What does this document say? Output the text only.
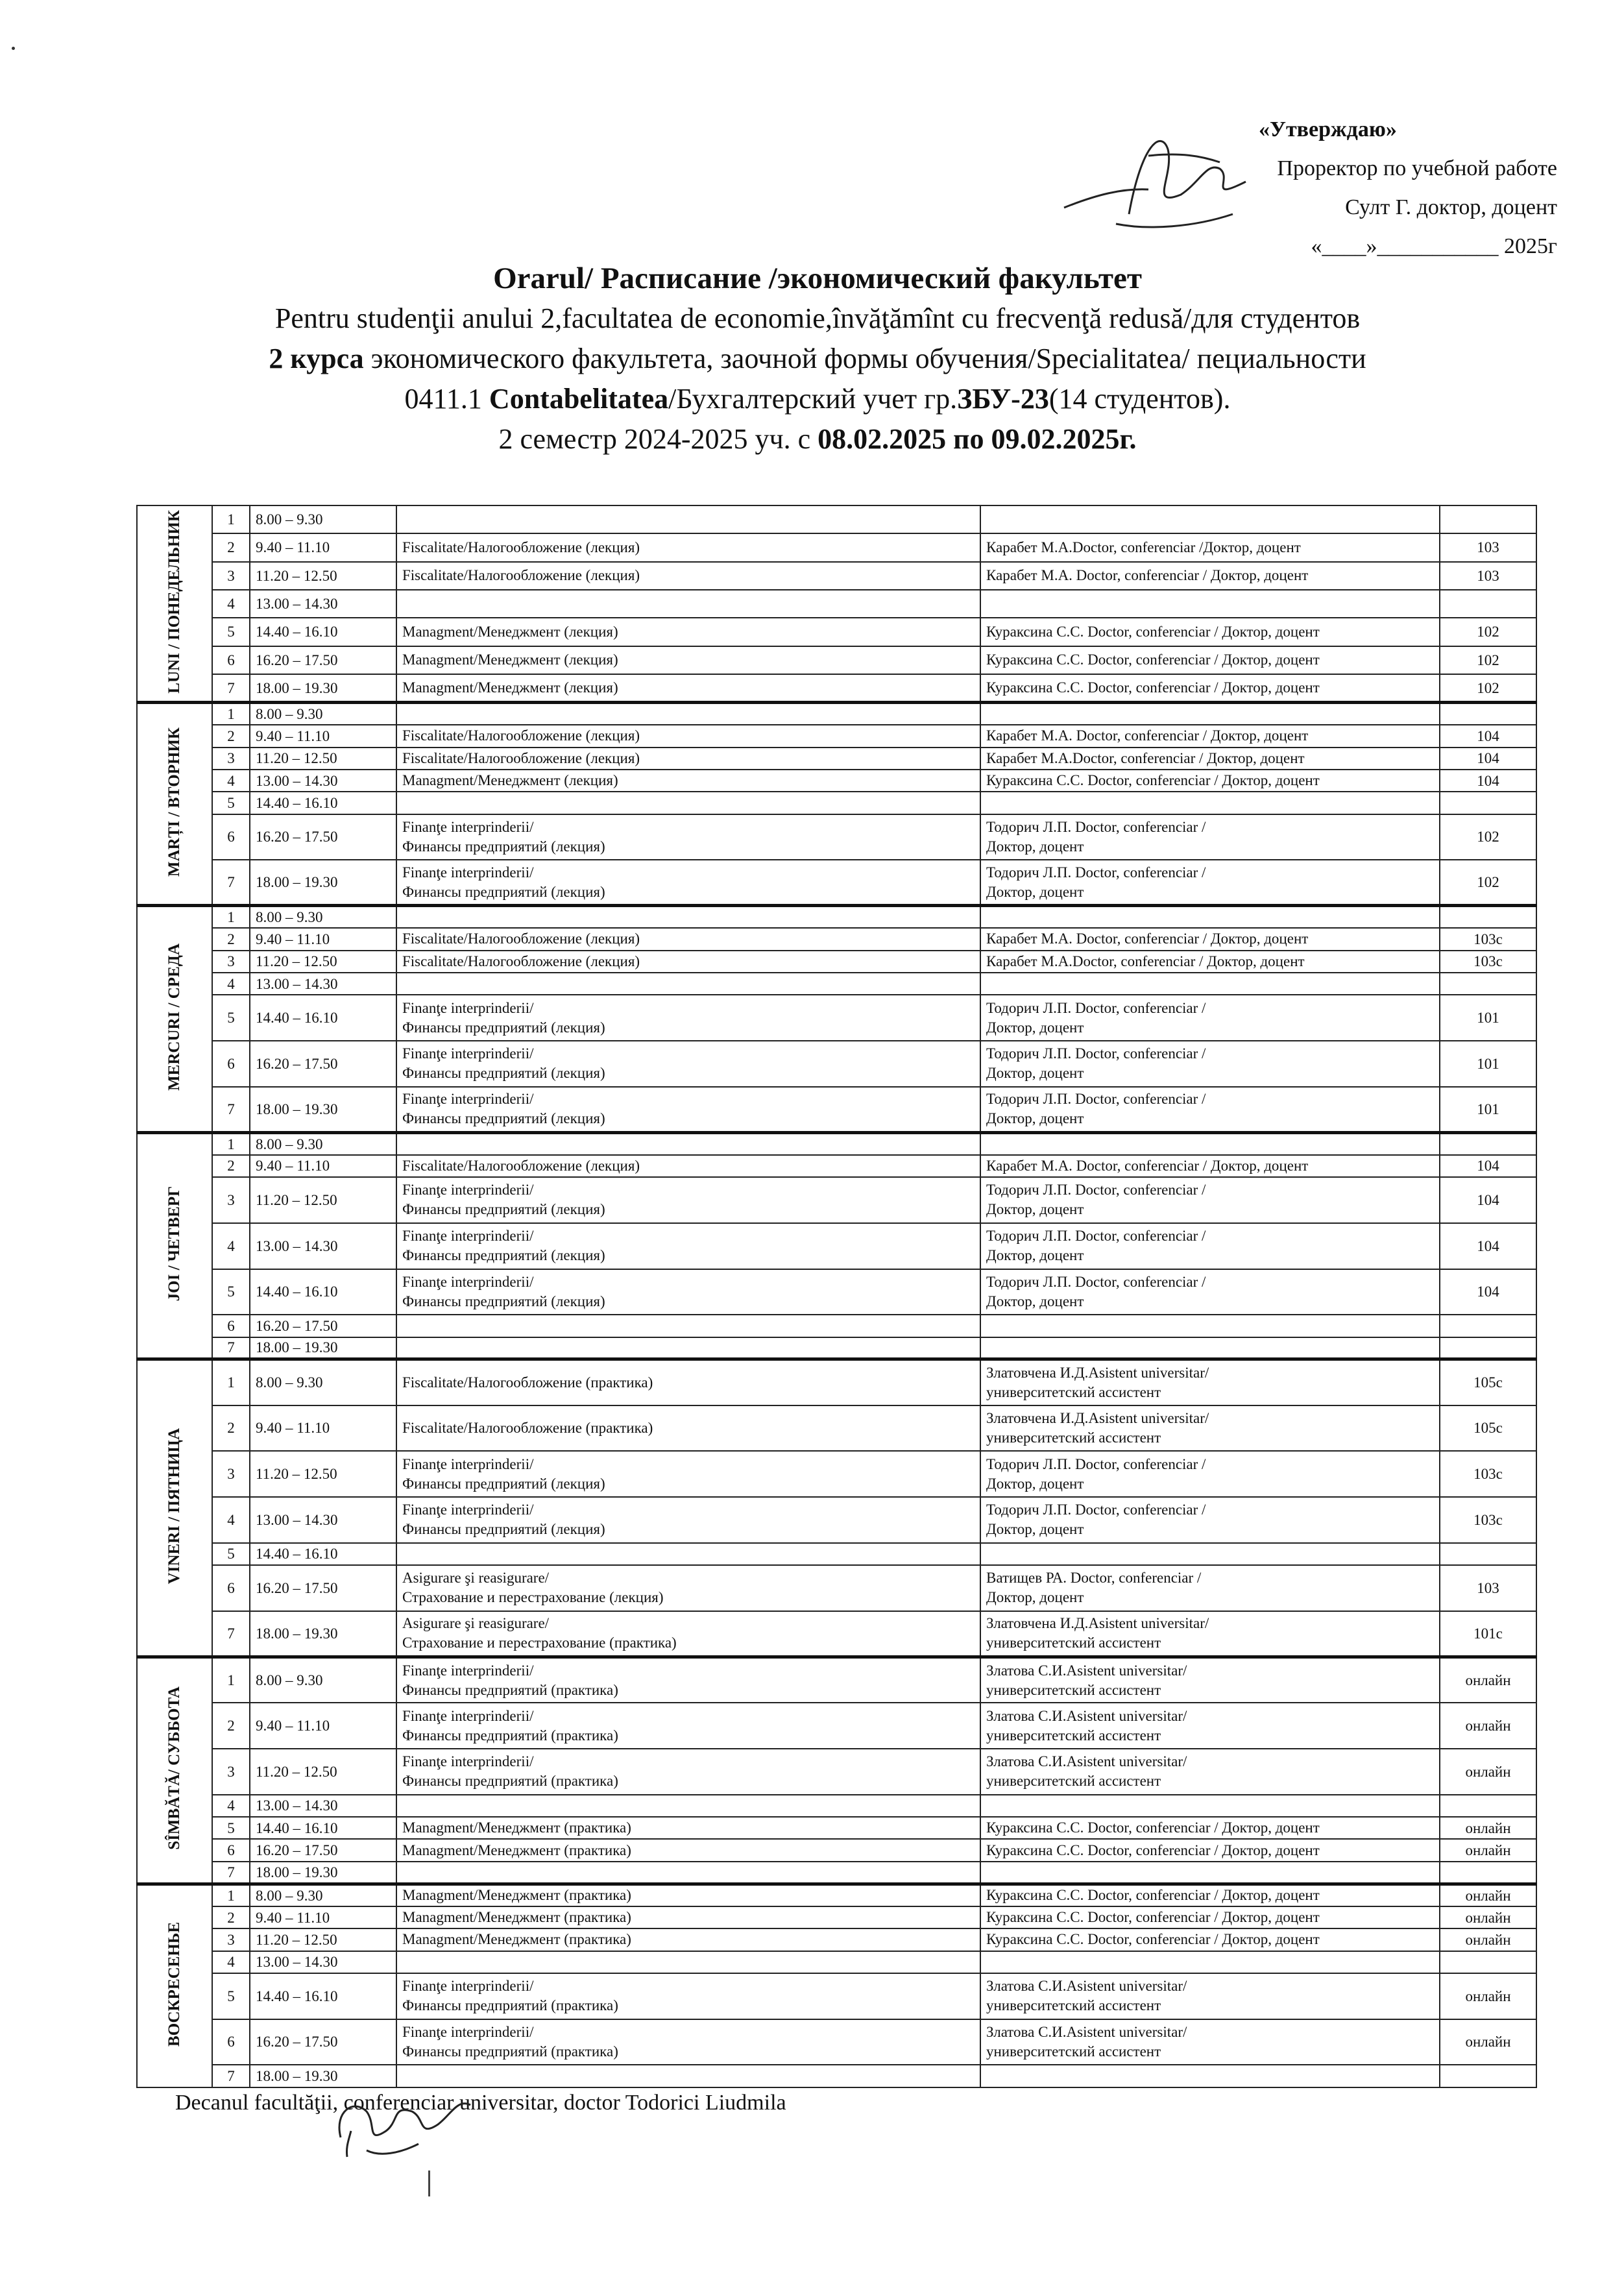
«Утверждаю»
Проректор по учебной работе
Султ Г. доктор, доцент
«____»___________ 2025г
Orarul/ Расписание /экономический факультет
Pentru studenţii anului 2,facultatea de economie,învăţămînt cu frecvenţă redusă/для студентов
2 курса экономического факультета, заочной формы обучения/Specialitatea/ пециальности
0411.1 Contabelitatea/Бухгалтерский учет гр.ЗБУ-23(14 студентов).
2 семестр 2024-2025 уч. с 08.02.2025 по 09.02.2025г.
LUNI / ПОНЕДЕЛЬНИК	1	8.00 – 9.30	

	2	9.40 – 11.10	Fiscalitate/Налогообложение (лекция)	Карабет М.А.Doctor, conferenciar /Доктор, доцент	103
	3	11.20 – 12.50	Fiscalitate/Налогообложение (лекция)	Карабет М.А. Doctor, conferenciar / Доктор, доцент	103
	4	13.00 – 14.30	

	5	14.40 – 16.10	Managment/Менеджмент (лекция)	Кураксина С.С. Doctor, conferenciar / Доктор, доцент	102
	6	16.20 – 17.50	Managment/Менеджмент (лекция)	Кураксина С.С. Doctor, conferenciar / Доктор, доцент	102
	7	18.00 – 19.30	Managment/Менеджмент (лекция)	Кураксина С.С. Doctor, conferenciar / Доктор, доцент	102
MARȚI / ВТОРНИК	1	8.00 – 9.30	

	2	9.40 – 11.10	Fiscalitate/Налогообложение (лекция)	Карабет М.А. Doctor, conferenciar / Доктор, доцент	104
	3	11.20 – 12.50	Fiscalitate/Налогообложение (лекция)	Карабет М.А.Doctor, conferenciar / Доктор, доцент	104
	4	13.00 – 14.30	Managment/Менеджмент (лекция)	Кураксина С.С. Doctor, conferenciar / Доктор, доцент	104
	5	14.40 – 16.10	

	6	16.20 – 17.50	Finanţe interprinderii/
Финансы предприятий (лекция)	Тодорич Л.П. Doctor, conferenciar /
Доктор, доцент	102
	7	18.00 – 19.30	Finanţe interprinderii/
Финансы предприятий (лекция)	Тодорич Л.П. Doctor, conferenciar /
Доктор, доцент	102
MERCURI / СРЕДА	1	8.00 – 9.30	

	2	9.40 – 11.10	Fiscalitate/Налогообложение (лекция)	Карабет М.А. Doctor, conferenciar / Доктор, доцент	103c
	3	11.20 – 12.50	Fiscalitate/Налогообложение (лекция)	Карабет М.А.Doctor, conferenciar / Доктор, доцент	103c
	4	13.00 – 14.30	

	5	14.40 – 16.10	Finanţe interprinderii/
Финансы предприятий (лекция)	Тодорич Л.П. Doctor, conferenciar /
Доктор, доцент	101
	6	16.20 – 17.50	Finanţe interprinderii/
Финансы предприятий (лекция)	Тодорич Л.П. Doctor, conferenciar /
Доктор, доцент	101
	7	18.00 – 19.30	Finanţe interprinderii/
Финансы предприятий (лекция)	Тодорич Л.П. Doctor, conferenciar /
Доктор, доцент	101
JOI / ЧЕТВЕРГ	1	8.00 – 9.30	

	2	9.40 – 11.10	Fiscalitate/Налогообложение (лекция)	Карабет М.А. Doctor, conferenciar / Доктор, доцент	104
	3	11.20 – 12.50	Finanţe interprinderii/
Финансы предприятий (лекция)	Тодорич Л.П. Doctor, conferenciar /
Доктор, доцент	104
	4	13.00 – 14.30	Finanţe interprinderii/
Финансы предприятий (лекция)	Тодорич Л.П. Doctor, conferenciar /
Доктор, доцент	104
	5	14.40 – 16.10	Finanţe interprinderii/
Финансы предприятий (лекция)	Тодорич Л.П. Doctor, conferenciar /
Доктор, доцент	104
	6	16.20 – 17.50	

	7	18.00 – 19.30	

VINERI / ПЯТНИЦА	1	8.00 – 9.30	Fiscalitate/Налогообложение (практика)	Златовчена И.Д.Asistent universitar/
университетский ассистент	105c
	2	9.40 – 11.10	Fiscalitate/Налогообложение (практика)	Златовчена И.Д.Asistent universitar/
университетский ассистент	105c
	3	11.20 – 12.50	Finanţe interprinderii/
Финансы предприятий (лекция)	Тодорич Л.П. Doctor, conferenciar /
Доктор, доцент	103c
	4	13.00 – 14.30	Finanţe interprinderii/
Финансы предприятий (лекция)	Тодорич Л.П. Doctor, conferenciar /
Доктор, доцент	103c
	5	14.40 – 16.10	

	6	16.20 – 17.50	Asigurare şi reasigurare/
Страхование и перестрахование (лекция)	Ватищев РА. Doctor, conferenciar /
Доктор, доцент	103
	7	18.00 – 19.30	Asigurare şi reasigurare/
Страхование и перестрахование (практика)	Златовчена И.Д.Asistent universitar/
университетский ассистент	101c
SÎMBĂTĂ/ СУББОТА	1	8.00 – 9.30	Finanţe interprinderii/
Финансы предприятий (практика)	Златова С.И.Asistent universitar/
университетский ассистент	онлайн
	2	9.40 – 11.10	Finanţe interprinderii/
Финансы предприятий (практика)	Златова С.И.Asistent universitar/
университетский ассистент	онлайн
	3	11.20 – 12.50	Finanţe interprinderii/
Финансы предприятий (практика)	Златова С.И.Asistent universitar/
университетский ассистент	онлайн
	4	13.00 – 14.30	

	5	14.40 – 16.10	Managment/Менеджмент (практика)	Кураксина С.С. Doctor, conferenciar / Доктор, доцент	онлайн
	6	16.20 – 17.50	Managment/Менеджмент (практика)	Кураксина С.С. Doctor, conferenciar / Доктор, доцент	онлайн
	7	18.00 – 19.30	

ВОСКРЕСЕНЬЕ	1	8.00 – 9.30	Managment/Менеджмент (практика)	Кураксина С.С. Doctor, conferenciar / Доктор, доцент	онлайн
	2	9.40 – 11.10	Managment/Менеджмент (практика)	Кураксина С.С. Doctor, conferenciar / Доктор, доцент	онлайн
	3	11.20 – 12.50	Managment/Менеджмент (практика)	Кураксина С.С. Doctor, conferenciar / Доктор, доцент	онлайн
	4	13.00 – 14.30	

	5	14.40 – 16.10	Finanţe interprinderii/
Финансы предприятий (практика)	Златова С.И.Asistent universitar/
университетский ассистент	онлайн
	6	16.20 – 17.50	Finanţe interprinderii/
Финансы предприятий (практика)	Златова С.И.Asistent universitar/
университетский ассистент	онлайн
	7	18.00 – 19.30	

Decanul facultăţii, conferenciar universitar, doctor Todorici Liudmila
